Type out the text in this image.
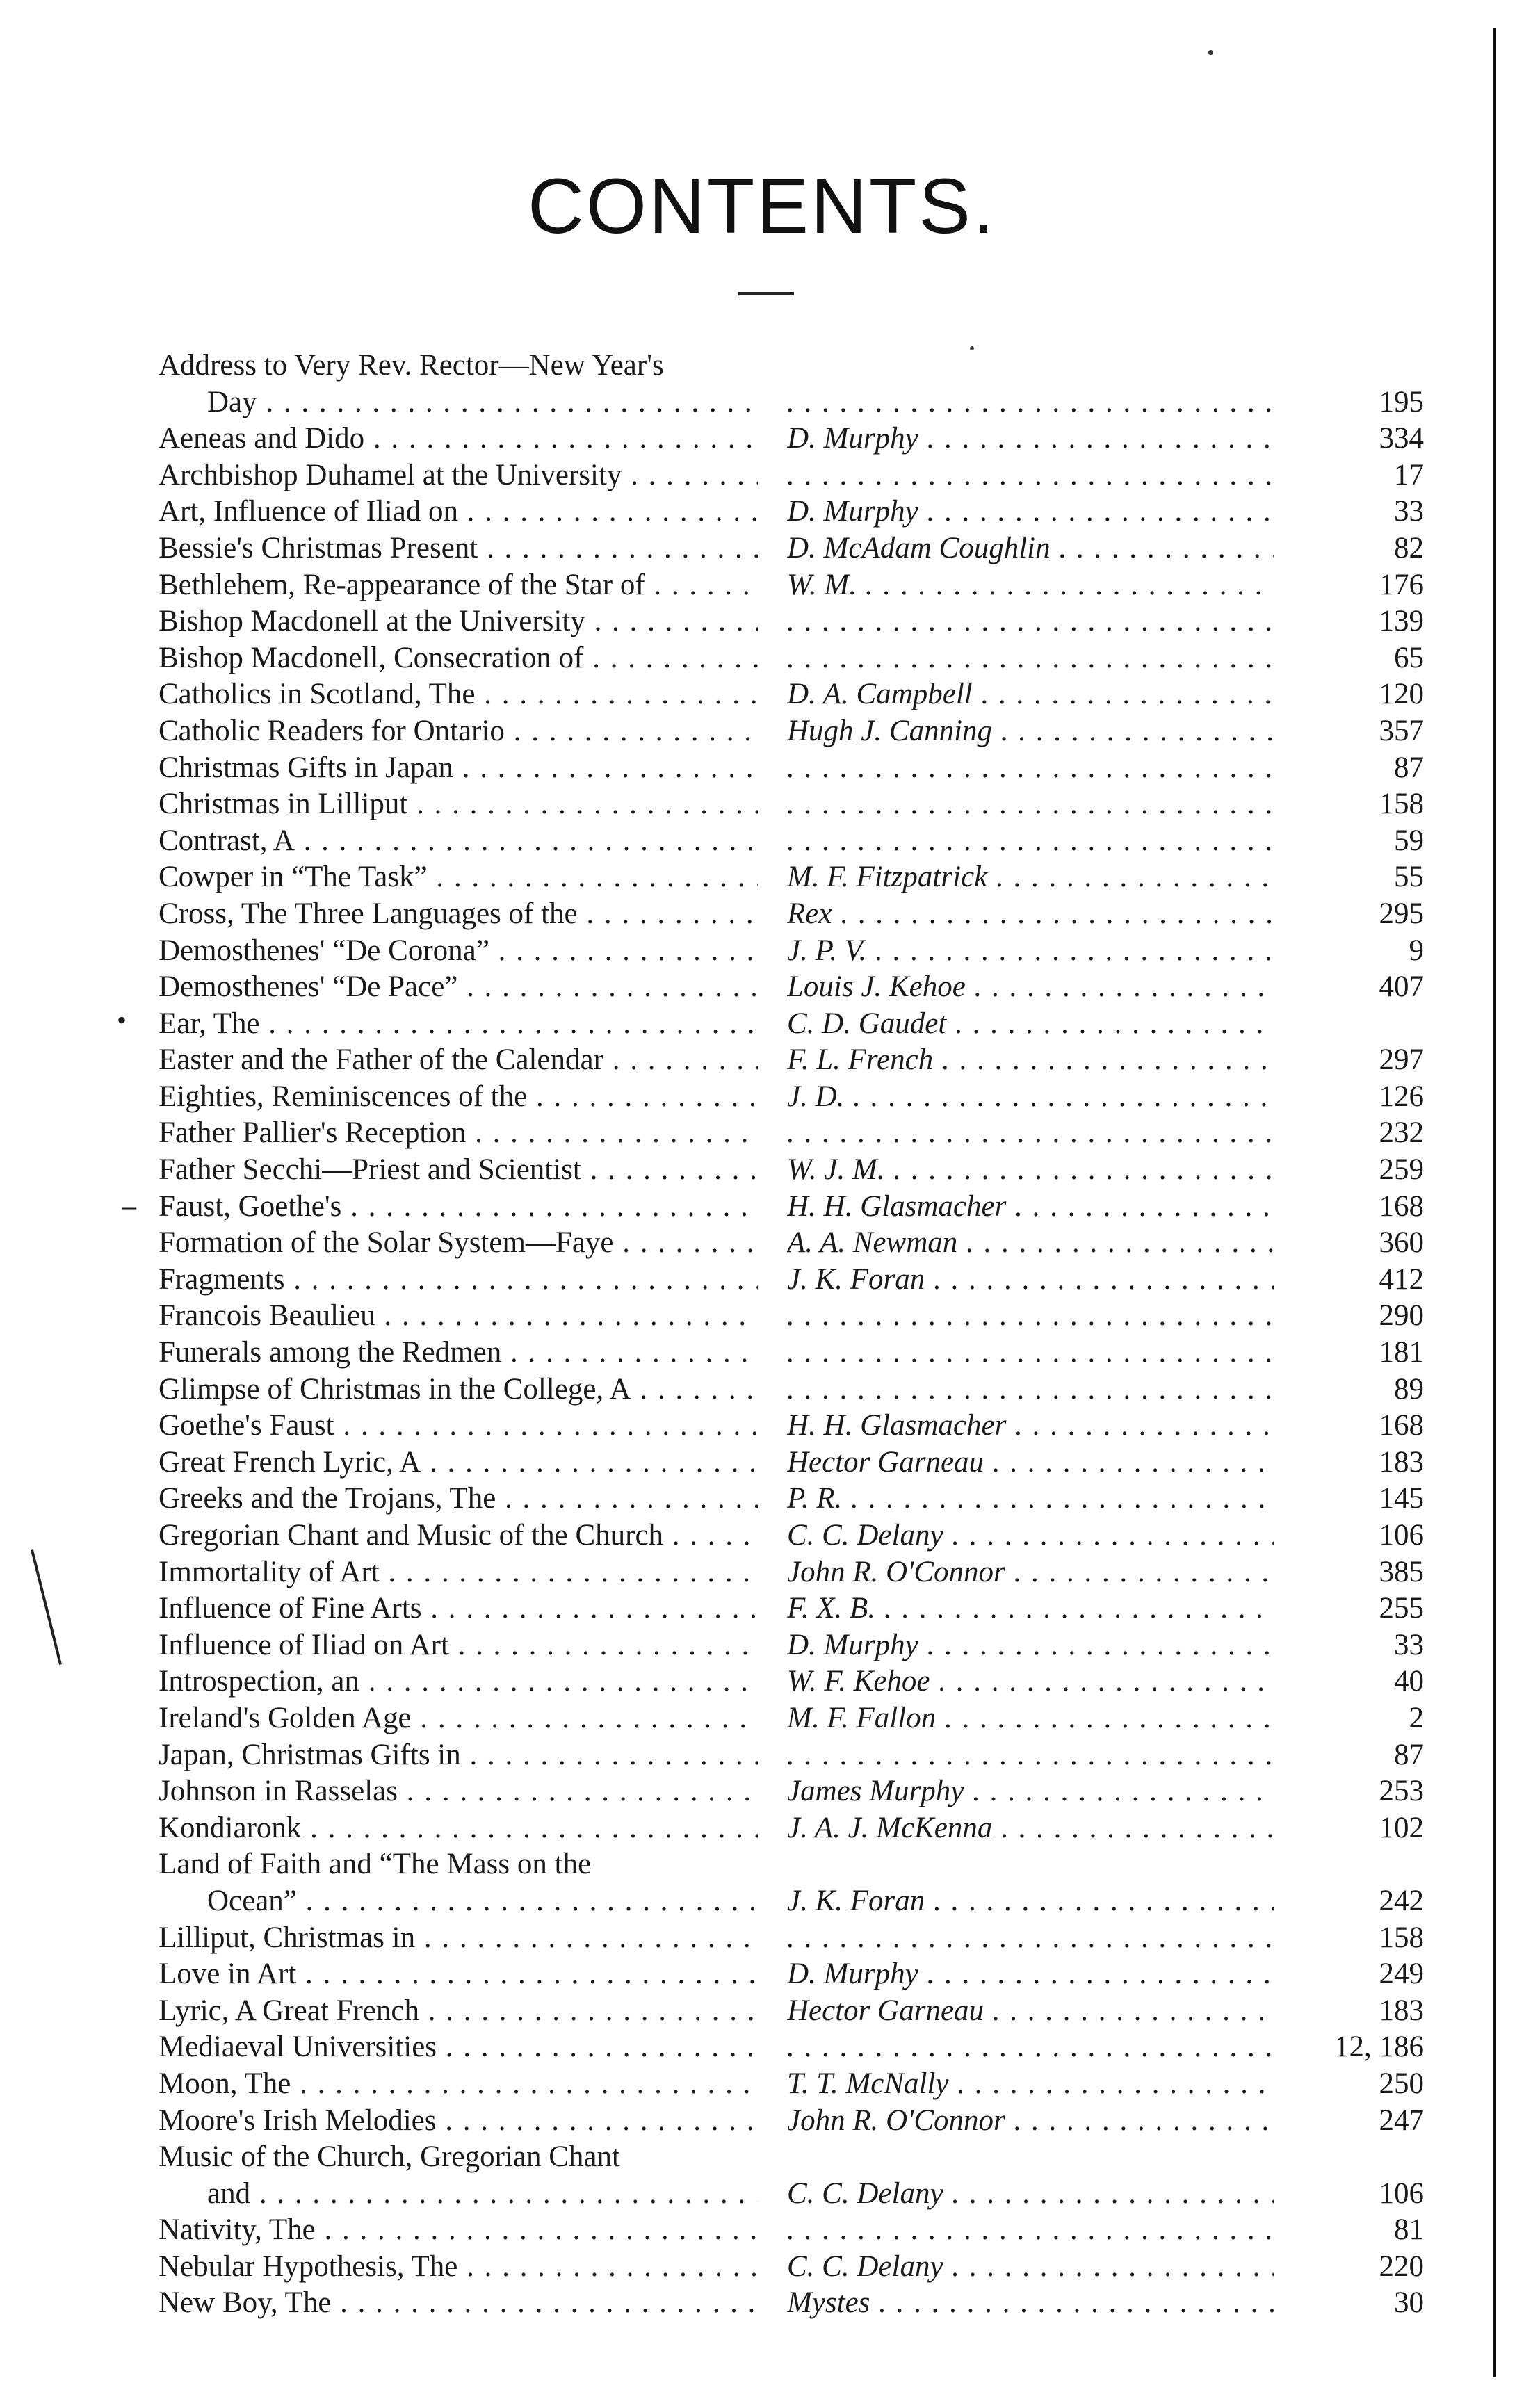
CONTENTS.
•
–
Address to Very Rev. Rector—New Year's
Day . . . . . .	195
Aeneas and Dido . . .	D. Murphy . . .	334
Archbishop Duhamel at the University . . . . . .	17
Art, Influence of Iliad on . . .	D. Murphy . . .	33
Bessie's Christmas Present . . .	D. McAdam Coughlin . . .	82
Bethlehem, Re-appearance of the Star of . . .	W. M. . . .	176
Bishop Macdonell at the University . . . . . .	139
Bishop Macdonell, Consecration of . . . . . .	65
Catholics in Scotland, The . . .	D. A. Campbell . . .	120
Catholic Readers for Ontario . . .	Hugh J. Canning . . .	357
Christmas Gifts in Japan . . . . . .	87
Christmas in Lilliput . . . . . .	158
Contrast, A . . . . . .	59
Cowper in “The Task” . . .	M. F. Fitzpatrick . . .	55
Cross, The Three Languages of the . . .	Rex . . .	295
Demosthenes' “De Corona” . . .	J. P. V. . . .	9
Demosthenes' “De Pace” . . .	Louis J. Kehoe . . .	407
Ear, The . . .	C. D. Gaudet . . .
Easter and the Father of the Calendar . . .	F. L. French . . .	297
Eighties, Reminiscences of the . . .	J. D. . . .	126
Father Pallier's Reception . . . . . .	232
Father Secchi—Priest and Scientist . . .	W. J. M. . . .	259
Faust, Goethe's . . .	H. H. Glasmacher . . .	168
Formation of the Solar System—Faye . . .	A. A. Newman . . .	360
Fragments . . .	J. K. Foran . . .	412
Francois Beaulieu . . . . . .	290
Funerals among the Redmen . . . . . .	181
Glimpse of Christmas in the College, A . . . . . .	89
Goethe's Faust . . .	H. H. Glasmacher . . .	168
Great French Lyric, A . . .	Hector Garneau . . .	183
Greeks and the Trojans, The . . .	P. R. . . .	145
Gregorian Chant and Music of the Church . . .	C. C. Delany . . .	106
Immortality of Art . . .	John R. O'Connor . . .	385
Influence of Fine Arts . . .	F. X. B. . . .	255
Influence of Iliad on Art . . .	D. Murphy . . .	33
Introspection, an . . .	W. F. Kehoe . . .	40
Ireland's Golden Age . . .	M. F. Fallon . . .	2
Japan, Christmas Gifts in . . . . . .	87
Johnson in Rasselas . . .	James Murphy . . .	253
Kondiaronk . . .	J. A. J. McKenna . . .	102
Land of Faith and “The Mass on the
Ocean” . . .	J. K. Foran . . .	242
Lilliput, Christmas in . . . . . .	158
Love in Art . . .	D. Murphy . . .	249
Lyric, A Great French . . .	Hector Garneau . . .	183
Mediaeval Universities . . . . . .	12, 186
Moon, The . . .	T. T. McNally . . .	250
Moore's Irish Melodies . . .	John R. O'Connor . . .	247
Music of the Church, Gregorian Chant
and . . .	C. C. Delany . . .	106
Nativity, The . . . . . .	81
Nebular Hypothesis, The . . .	C. C. Delany . . .	220
New Boy, The . . .	Mystes . . .	30
